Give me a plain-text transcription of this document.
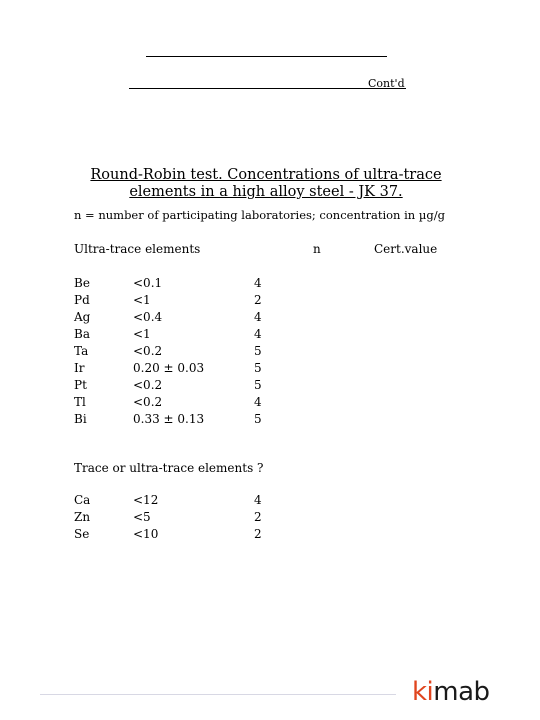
Cont'd
Round-Robin test. Concentrations of ultra-trace
elements in a high alloy steel - JK 37.
n = number of participating laboratories; concentration in µg/g
Ultra-trace elements	n	Cert.value
Be	<0.1	4
Pd	<1	2
Ag	<0.4	4
Ba	<1	4
Ta	<0.2	5
Ir	0.20 ± 0.03	5
Pt	<0.2	5
Tl	<0.2	4
Bi	0.33 ± 0.13	5
Trace or ultra-trace elements ?
Ca	<12	4
Zn	<5	2
Se	<10	2
kimab
